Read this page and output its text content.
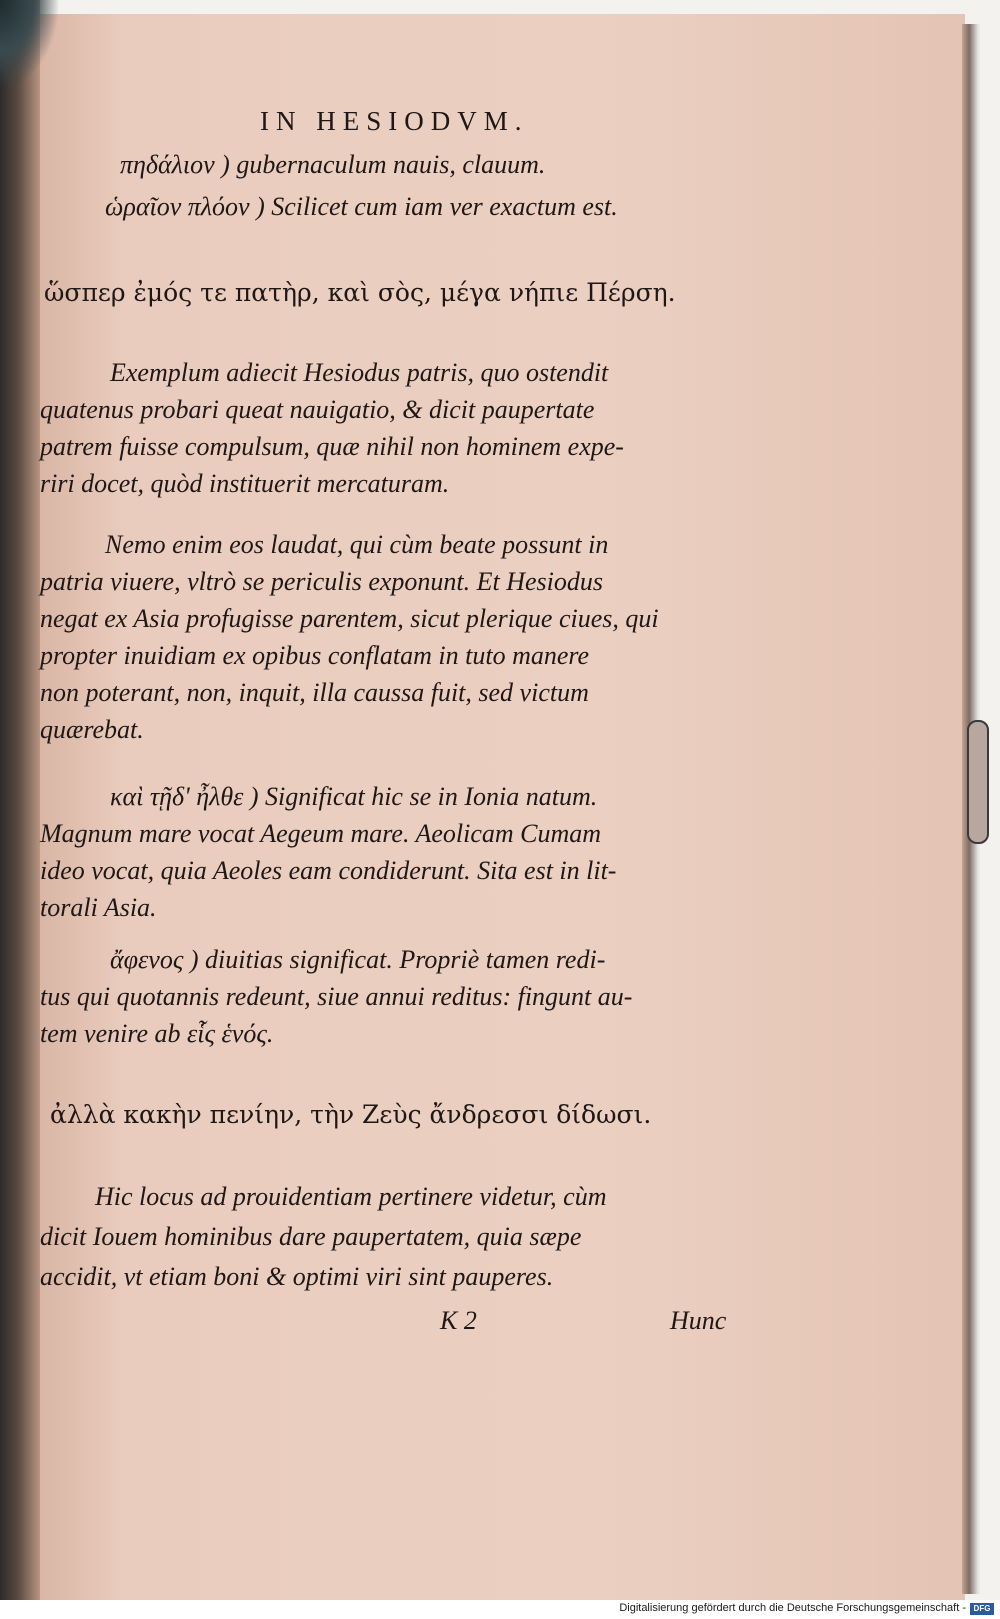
IN HESIODVM.
πηδάλιον ) gubernaculum nauis, clauum.
ὡραῖον πλόον ) Scilicet cum iam ver exactum est.
ὥσπερ ἐμός τε πατὴρ, καὶ σὸς, μέγα νήπιε Πέρση.
Exemplum adiecit Hesiodus patris, quo ostendit
quatenus probari queat nauigatio, & dicit paupertate
patrem fuisse compulsum, quæ nihil non hominem expe-
riri docet, quòd instituerit mercaturam.
Nemo enim eos laudat, qui cùm beate possunt in
patria viuere, vltrò se periculis exponunt. Et Hesiodus
negat ex Asia profugisse parentem, sicut plerique ciues, qui
propter inuidiam ex opibus conflatam in tuto manere
non poterant, non, inquit, illa caussa fuit, sed victum
quærebat.
καὶ τῇδ' ἦλθε ) Significat hic se in Ionia natum.
Magnum mare vocat Aegeum mare. Aeolicam Cumam
ideo vocat, quia Aeoles eam condiderunt. Sita est in lit-
torali Asia.
ἄφενος ) diuitias significat. Propriè tamen redi-
tus qui quotannis redeunt, siue annui reditus: fingunt au-
tem venire ab εἷς ἑνός.
ἀλλὰ κακὴν πενίην, τὴν Ζεὺς ἄνδρεσσι δίδωσι.
Hic locus ad prouidentiam pertinere videtur, cùm
dicit Iouem hominibus dare paupertatem, quia sæpe
accidit, vt etiam boni & optimi viri sint pauperes.
K 2	Hunc
Digitalisierung gefördert durch die Deutsche Forschungsgemeinschaft - DFG
